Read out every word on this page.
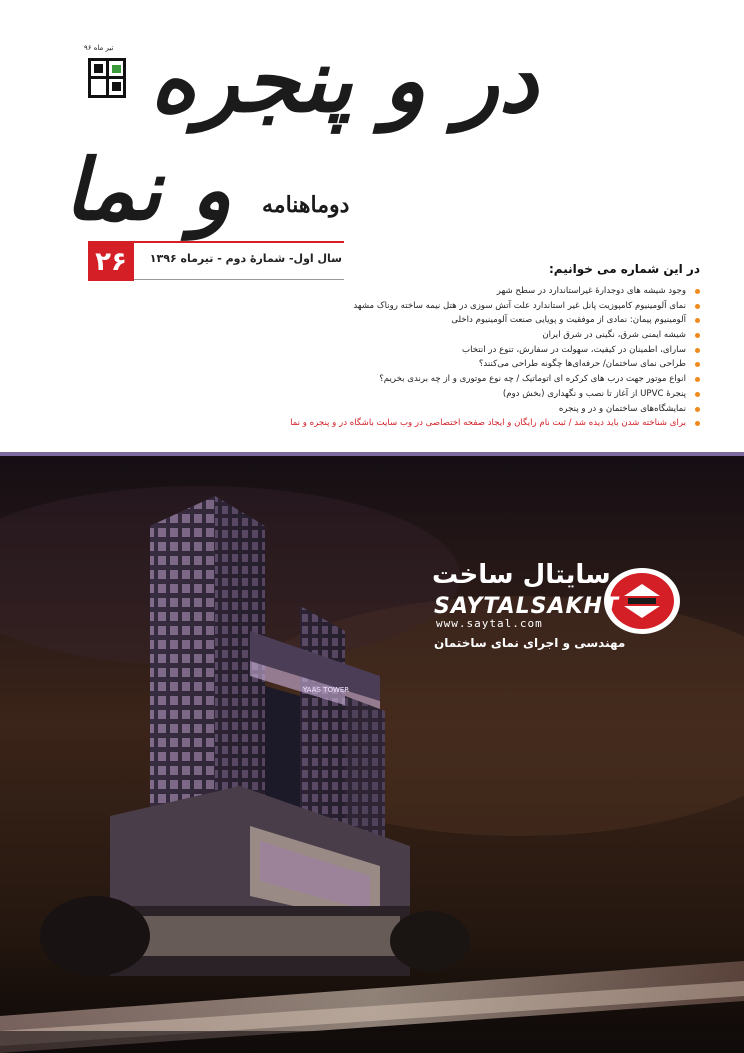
تیر ماه ۹۶ در و پنجره
و نما دوماهنامه
۲۶	سال اول- شمارهٔ دوم - تیرماه ۱۳۹۶
در این شماره می خوانیم:
وجود شیشه های دوجدارهٔ غیراستاندارد در سطح شهر
نمای آلومینیوم کامپوزیت پانل غیر استاندارد علت آتش سوزی در هتل نیمه ساخته روناک مشهد
آلومینیوم پیمان: نمادی از موفقیت و پویایی صنعت آلومینیوم داخلی
شیشه ایمنی شرق، نگینی در شرق ایران
سارای، اطمینان در کیفیت، سهولت در سفارش، تنوع در انتخاب
طراحی نمای ساختمان/ حرفه‌ای‌ها چگونه طراحی می‌کنند؟
انواع موتور جهت درب های کرکره ای اتوماتیک / چه نوع موتوری و از چه برندی بخریم؟
پنجرهٔ UPVC از آغاز تا نصب و نگهداری (بخش دوم)
نمایشگاه‌های ساختمان و در و پنجره
برای شناخته شدن باید دیده شد / ثبت نام رایگان و ایجاد صفحه اختصاصی در وب سایت باشگاه در و پنجره و نما
YAAS TOWER
سایتال ساخت
SAYTALSAKHT
www.saytal.com
مهندسی و اجرای نمای ساختمان
